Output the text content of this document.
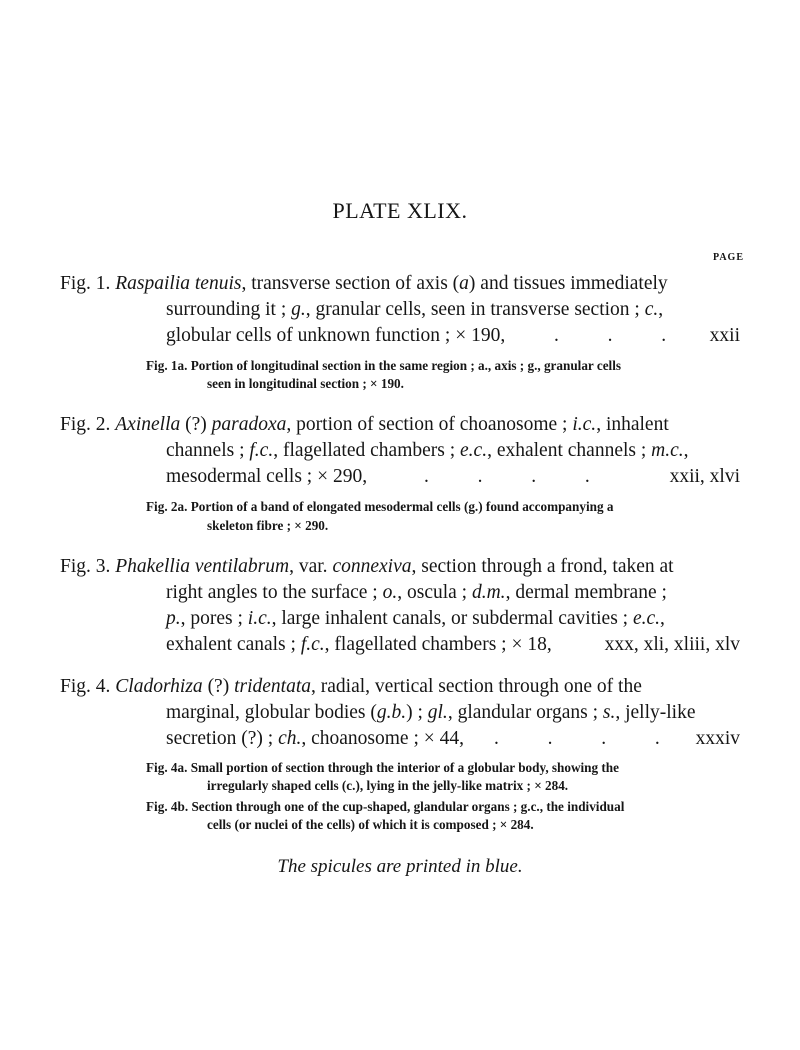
PLATE XLIX.
PAGE
Fig. 1. Raspailia tenuis, transverse section of axis (a) and tissues immediately
surrounding it ; g., granular cells, seen in transverse section ; c.,
globular cells of unknown function ; × 190,	.          .          . xxii
Fig. 1a. Portion of longitudinal section in the same region ; a., axis ; g., granular cells
seen in longitudinal section ; × 190.
Fig. 2. Axinella (?) paradoxa, portion of section of choanosome ; i.c., inhalent
channels ; f.c., flagellated chambers ; e.c., exhalent channels ; m.c.,
mesodermal cells ; × 290,	.          .          .          .	xxii, xlvi
Fig. 2a. Portion of a band of elongated mesodermal cells (g.) found accompanying a
skeleton fibre ; × 290.
Fig. 3. Phakellia ventilabrum, var. connexiva, section through a frond, taken at
right angles to the surface ; o., oscula ; d.m., dermal membrane ;
p., pores ; i.c., large inhalent canals, or subdermal cavities ; e.c.,
exhalent canals ; f.c., flagellated chambers ; × 18,	xxx, xli, xliii, xlv
Fig. 4. Cladorhiza (?) tridentata, radial, vertical section through one of the
marginal, globular bodies (g.b.) ; gl., glandular organs ; s., jelly-like
secretion (?) ; ch., choanosome ; × 44, .          .          .          . xxxiv
Fig. 4a. Small portion of section through the interior of a globular body, showing the
irregularly shaped cells (c.), lying in the jelly-like matrix ; × 284.
Fig. 4b. Section through one of the cup-shaped, glandular organs ; g.c., the individual
cells (or nuclei of the cells) of which it is composed ; × 284.
The spicules are printed in blue.
